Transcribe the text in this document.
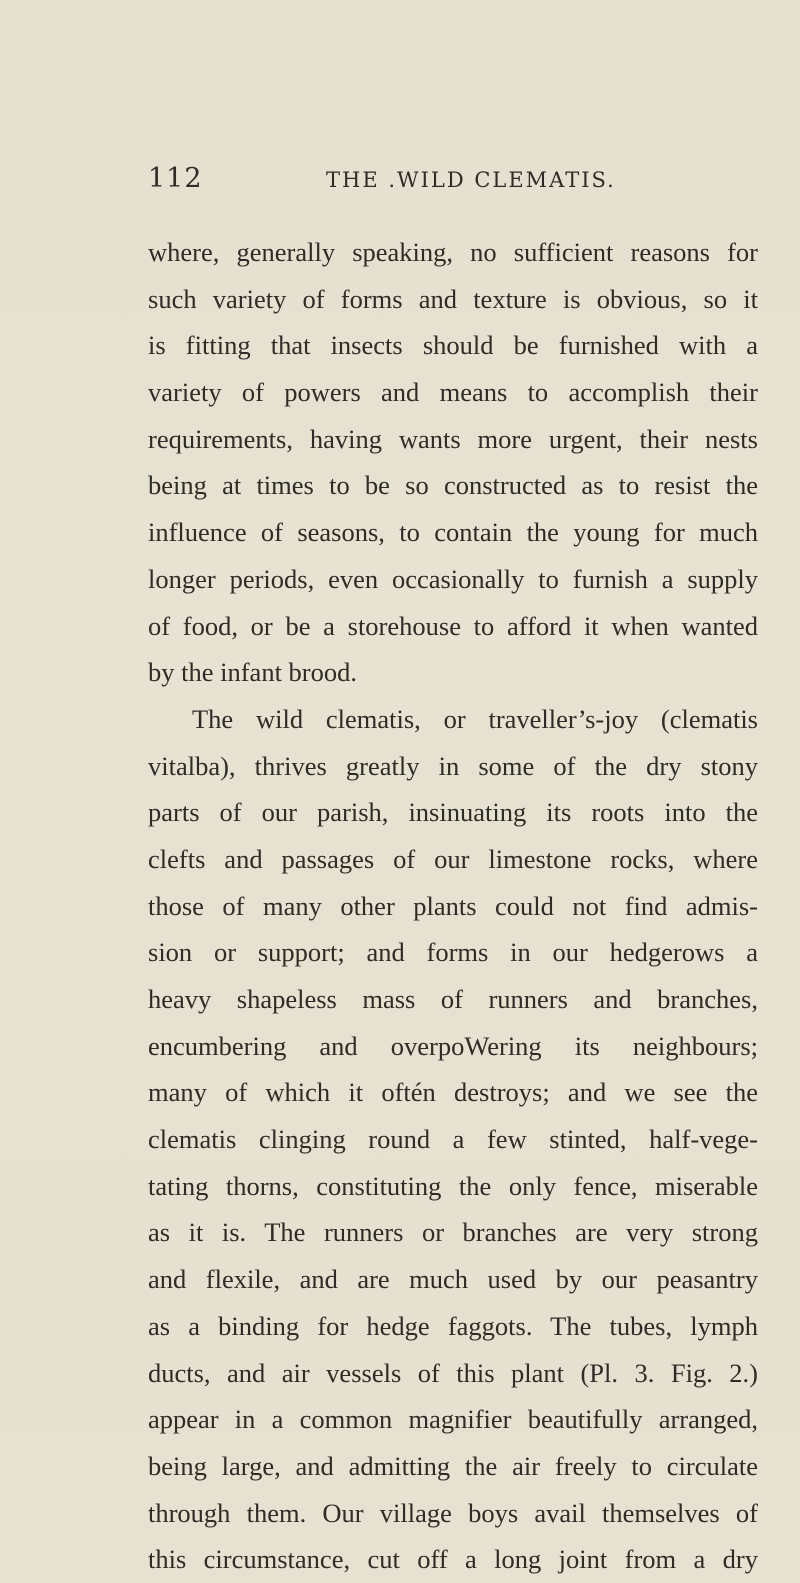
112	THE .WILD CLEMATIS.
where, generally speaking, no sufficient reasons for
such variety of forms and texture is obvious, so it
is fitting that insects should be furnished with a
variety of powers and means to accomplish their
requirements, having wants more urgent, their nests
being at times to be so constructed as to resist the
influence of seasons, to contain the young for much
longer periods, even occasionally to furnish a supply
of food, or be a storehouse to afford it when wanted
by the infant brood.
The wild clematis, or traveller’s-joy (clematis
vitalba), thrives greatly in some of the dry stony
parts of our parish, insinuating its roots into the
clefts and passages of our limestone rocks, where
those of many other plants could not find admis-
sion or support; and forms in our hedgerows a
heavy shapeless mass of runners and branches,
encumbering and overpoWering its neighbours;
many of which it oftén destroys; and we see the
clematis clinging round a few stinted, half-vege-
tating thorns, constituting the only fence, miserable
as it is. The runners or branches are very strong
and flexile, and are much used by our peasantry
as a binding for hedge faggots. The tubes, lymph
ducts, and air vessels of this plant (Pl. 3. Fig. 2.)
appear in a common magnifier beautifully arranged,
being large, and admitting the air freely to circulate
through them. Our village boys avail themselves of
this circumstance, cut off a long joint from a dry
